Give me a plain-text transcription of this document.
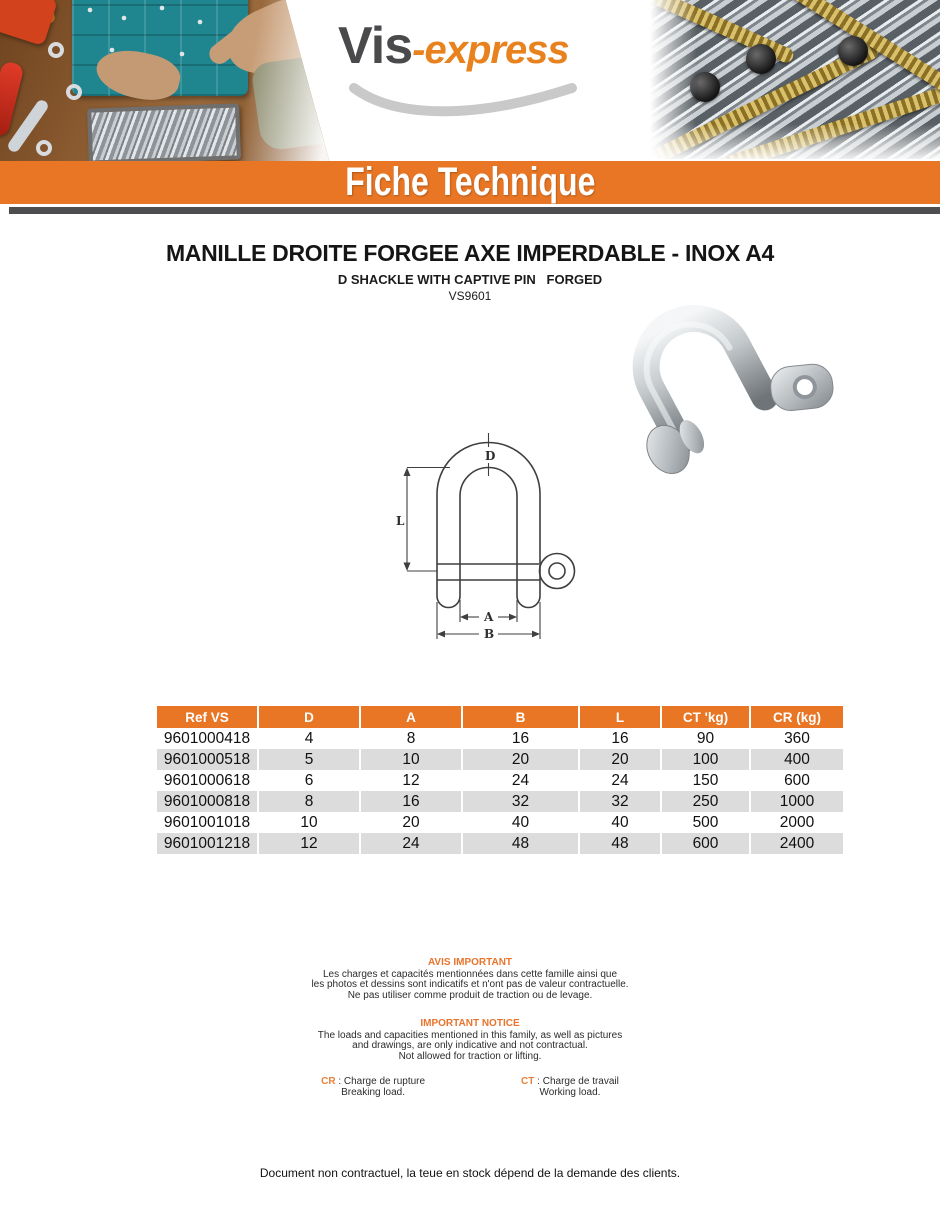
Vis-express
Fiche Technique
MANILLE DROITE FORGEE AXE IMPERDABLE - INOX A4
D SHACKLE WITH CAPTIVE PIN   FORGED
VS9601
D
L
A
B
Ref VS	D	A	B	L	CT 'kg)	CR (kg)
9601000418	4	8	16	16	90	360
9601000518	5	10	20	20	100	400
9601000618	6	12	24	24	150	600
9601000818	8	16	32	32	250	1000
9601001018	10	20	40	40	500	2000
9601001218	12	24	48	48	600	2400
AVIS IMPORTANT
Les charges et capacités mentionnées dans cette famille ainsi que
les photos et dessins sont indicatifs et n'ont pas de valeur contractuelle.
Ne pas utiliser comme produit de traction ou de levage.
IMPORTANT NOTICE
The loads and capacities mentioned in this family, as well as pictures
and drawings, are only indicative and not contractual.
Not allowed for traction or lifting.
CR : Charge de rupture
Breaking load.
CT : Charge de travail
Working load.
Document non contractuel, la teue en stock dépend de la demande des clients.
